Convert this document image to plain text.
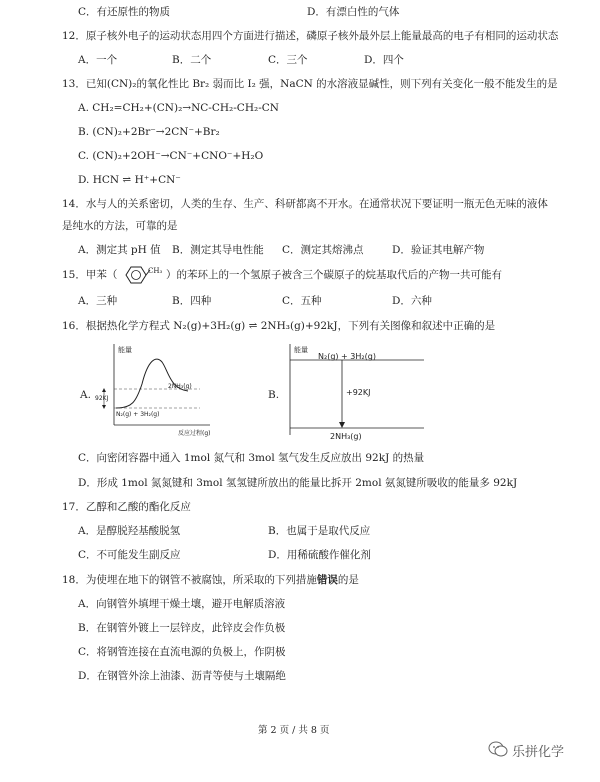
C．有还原性的物质	D．有漂白性的气体
12．原子核外电子的运动状态用四个方面进行描述，磷原子核外最外层上能量最高的电子有相同的运动状态
A．一个	B．二个	C．三个	D．四个
13．已知(CN)₂的氧化性比 Br₂ 弱而比 I₂ 强，NaCN 的水溶液显碱性，则下列有关变化一般不能发生的是
A. CH₂=CH₂+(CN)₂→NC-CH₂-CH₂-CN
B. (CN)₂+2Br⁻→2CN⁻+Br₂
C. (CN)₂+2OH⁻→CN⁻+CNO⁻+H₂O
D. HCN ⇌ H⁺+CN⁻
14．水与人的关系密切，人类的生存、生产、科研都离不开水。在通常状况下要证明一瓶无色无味的液体
是纯水的方法，可靠的是
A．测定其 pH 值 B．测定其导电性能 C．测定其熔沸点	D．验证其电解产物
15．甲苯（	CH₃ ）的苯环上的一个氢原子被含三个碳原子的烷基取代后的产物一共可能有
A．三种	B．四种	C．五种	D．六种
16．根据热化学方程式 N₂(g)+3H₂(g) ⇌ 2NH₃(g)+92kJ，下列有关图像和叙述中正确的是
A.
能量
2NH₃(g)
92KJ
N₂(g) + 3H₂(g)
反应过程(g)
B.
能量
N₂(g) + 3H₂(g)
+92KJ
2NH₃(g)
C．向密闭容器中通入 1mol 氮气和 3mol 氢气发生反应放出 92kJ 的热量
D．形成 1mol 氮氮键和 3mol 氢氢键所放出的能量比拆开 2mol 氨氮键所吸收的能量多 92kJ
17．乙醇和乙酸的酯化反应
A．是醇脱羟基酸脱氢	B．也属于是取代反应
C．不可能发生副反应	D．用稀硫酸作催化剂
18．为使埋在地下的钢管不被腐蚀，所采取的下列措施错误的是
A．向钢管外填埋干燥土壤，避开电解质溶液
B．在钢管外镀上一层锌皮，此锌皮会作负极
C．将钢管连接在直流电源的负极上，作阴极
D．在钢管外涂上油漆、沥青等使与土壤隔绝
第 2 页 / 共 8 页
乐拼化学
